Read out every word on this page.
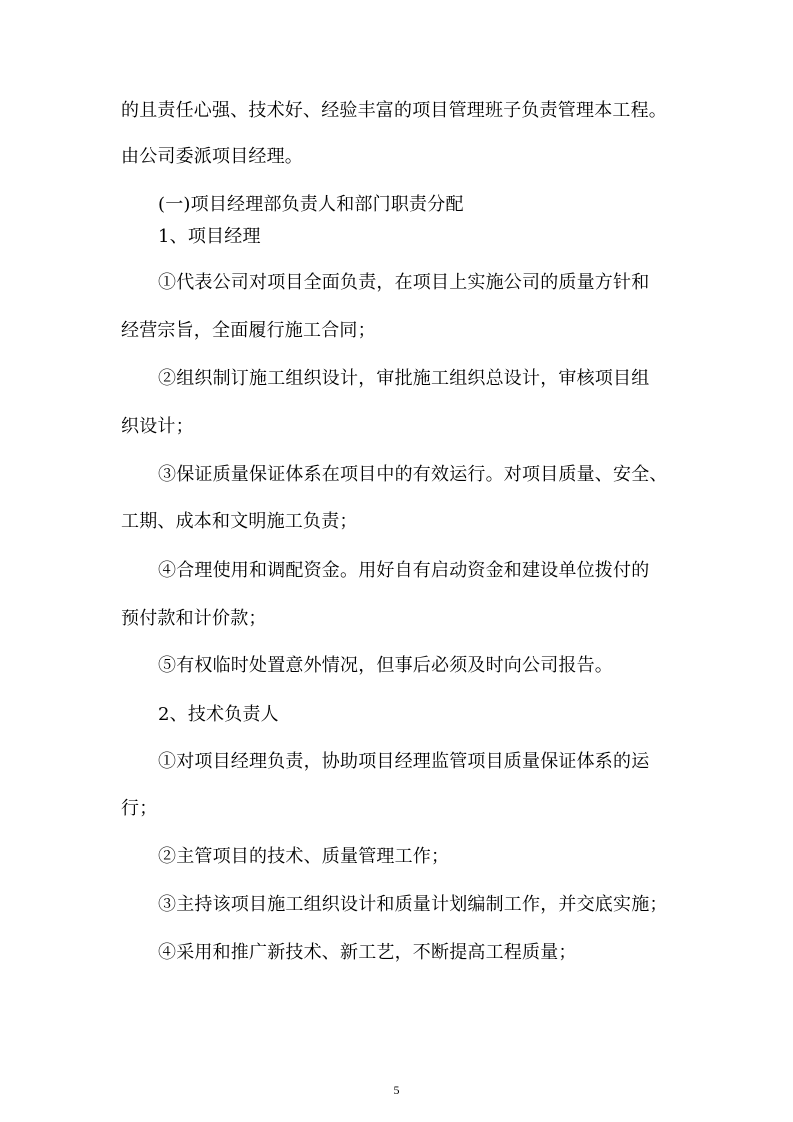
的且责任心强、技术好、经验丰富的项目管理班子负责管理本工程。
由公司委派项目经理。
(一)项目经理部负责人和部门职责分配
1、项目经理
①代表公司对项目全面负责，在项目上实施公司的质量方针和
经营宗旨，全面履行施工合同；
②组织制订施工组织设计，审批施工组织总设计，审核项目组
织设计；
③保证质量保证体系在项目中的有效运行。对项目质量、安全、
工期、成本和文明施工负责；
④合理使用和调配资金。用好自有启动资金和建设单位拨付的
预付款和计价款；
⑤有权临时处置意外情况，但事后必须及时向公司报告。
2、技术负责人
①对项目经理负责，协助项目经理监管项目质量保证体系的运
行；
②主管项目的技术、质量管理工作；
③主持该项目施工组织设计和质量计划编制工作，并交底实施；
④采用和推广新技术、新工艺，不断提高工程质量；
5
